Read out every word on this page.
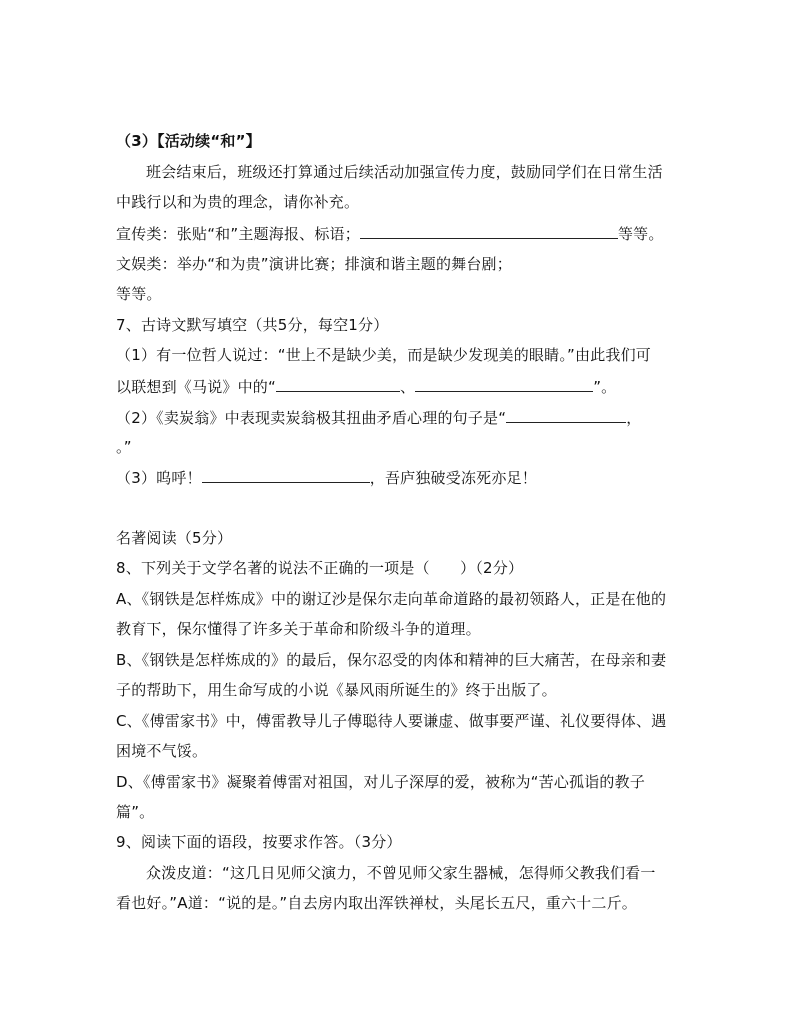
（3）【活动续“和”】
班会结束后，班级还打算通过后续活动加强宣传力度，鼓励同学们在日常生活
中践行以和为贵的理念，请你补充。
宣传类：张贴“和”主题海报、标语；	等等。
文娱类：举办“和为贵”演讲比赛；排演和谐主题的舞台剧；
等等。
7、古诗文默写填空（共5分，每空1分）
（1）有一位哲人说过：“世上不是缺少美，而是缺少发现美的眼睛。”由此我们可
以联想到《马说》中的“	、	”。
（2）《卖炭翁》中表现卖炭翁极其扭曲矛盾心理的句子是“	，
。”
（3）呜呼！	，吾庐独破受冻死亦足！
名著阅读（5分）
8、下列关于文学名著的说法不正确的一项是（　　）（2分）
A、《钢铁是怎样炼成》中的谢辽沙是保尔走向革命道路的最初领路人，正是在他的
教育下，保尔懂得了许多关于革命和阶级斗争的道理。
B、《钢铁是怎样炼成的》的最后，保尔忍受的肉体和精神的巨大痛苦，在母亲和妻
子的帮助下，用生命写成的小说《暴风雨所诞生的》终于出版了。
C、《傅雷家书》中，傅雷教导儿子傅聪待人要谦虚、做事要严谨、礼仪要得体、遇
困境不气馁。
D、《傅雷家书》凝聚着傅雷对祖国，对儿子深厚的爱，被称为“苦心孤诣的教子
篇”。
9、阅读下面的语段，按要求作答。（3分）
众泼皮道：“这几日见师父演力，不曾见师父家生器械，怎得师父教我们看一
看也好。”A道：“说的是。”自去房内取出浑铁禅杖，头尾长五尺，重六十二斤。
